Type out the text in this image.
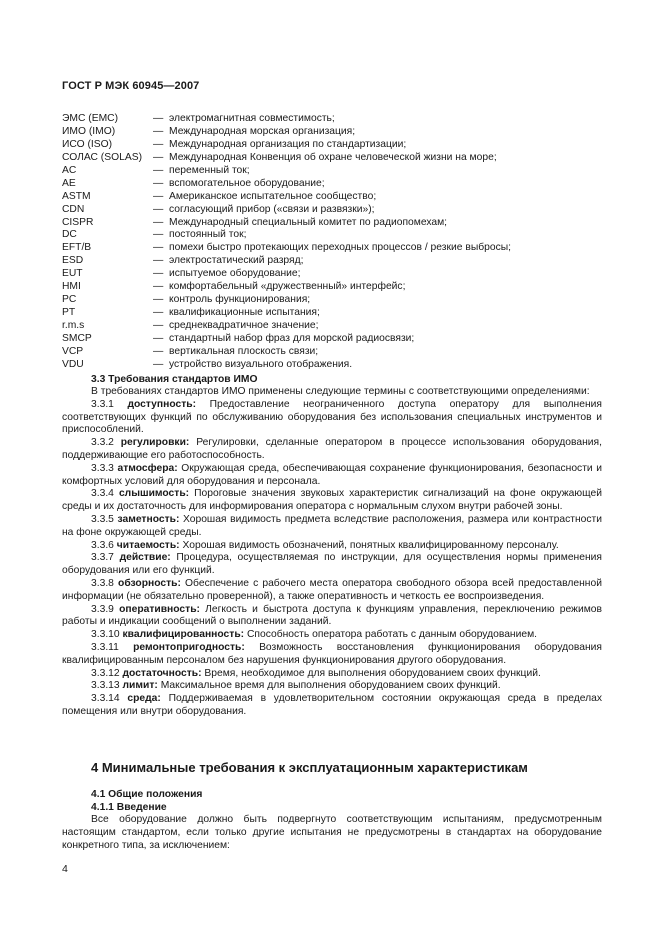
ГОСТ Р МЭК 60945—2007
ЭМС (EMC)	— электромагнитная совместимость;
ИМО (IMO)	— Международная морская организация;
ИСО (ISO)	— Международная организация по стандартизации;
СОЛАС (SOLAS)	— Международная Конвенция об охране человеческой жизни на море;
AC	— переменный ток;
AE	— вспомогательное оборудование;
ASTM	— Американское испытательное сообщество;
CDN	— согласующий прибор («связи и развязки»);
CISPR	— Международный специальный комитет по радиопомехам;
DC	— постоянный ток;
EFT/B	— помехи быстро протекающих переходных процессов / резкие выбросы;
ESD	— электростатический разряд;
EUT	— испытуемое оборудование;
HMI	— комфортабельный «дружественный» интерфейс;
PC	— контроль функционирования;
PT	— квалификационные испытания;
r.m.s	— среднеквадратичное значение;
SMCP	— стандартный набор фраз для морской радиосвязи;
VCP	— вертикальная плоскость связи;
VDU	— устройство визуального отображения.
3.3 Требования стандартов ИМО

В требованиях стандартов ИМО применены следующие термины с соответствующими определениями:

3.3.1 доступность: Предоставление неограниченного доступа оператору для выполнения соответствующих функций по обслуживанию оборудования без использования специальных инструментов и приспособлений.

3.3.2 регулировки: Регулировки, сделанные оператором в процессе использования оборудования, поддерживающие его работоспособность.

3.3.3 атмосфера: Окружающая среда, обеспечивающая сохранение функционирования, безопасности и комфортных условий для оборудования и персонала.

3.3.4 слышимость: Пороговые значения звуковых характеристик сигнализаций на фоне окружающей среды и их достаточность для информирования оператора с нормальным слухом внутри рабочей зоны.

3.3.5 заметность: Хорошая видимость предмета вследствие расположения, размера или контрастности на фоне окружающей среды.

3.3.6 читаемость: Хорошая видимость обозначений, понятных квалифицированному персоналу.

3.3.7 действие: Процедура, осуществляемая по инструкции, для осуществления нормы применения оборудования или его функций.

3.3.8 обзорность: Обеспечение с рабочего места оператора свободного обзора всей предоставленной информации (не обязательно проверенной), а также оперативность и четкость ее воспроизведения.

3.3.9 оперативность: Легкость и быстрота доступа к функциям управления, переключению режимов работы и индикации сообщений о выполнении заданий.

3.3.10 квалифицированность: Способность оператора работать с данным оборудованием.

3.3.11 ремонтопригодность: Возможность восстановления функционирования оборудования квалифицированным персоналом без нарушения функционирования другого оборудования.

3.3.12 достаточность: Время, необходимое для выполнения оборудованием своих функций.

3.3.13 лимит: Максимальное время для выполнения оборудованием своих функций.

3.3.14 среда: Поддерживаемая в удовлетворительном состоянии окружающая среда в пределах помещения или внутри оборудования.

4 Минимальные требования к эксплуатационным характеристикам
4.1 Общие положения
4.1.1 Введение

Все оборудование должно быть подвергнуто соответствующим испытаниям, предусмотренным настоящим стандартом, если только другие испытания не предусмотрены в стандартах на оборудование конкретного типа, за исключением:

4
